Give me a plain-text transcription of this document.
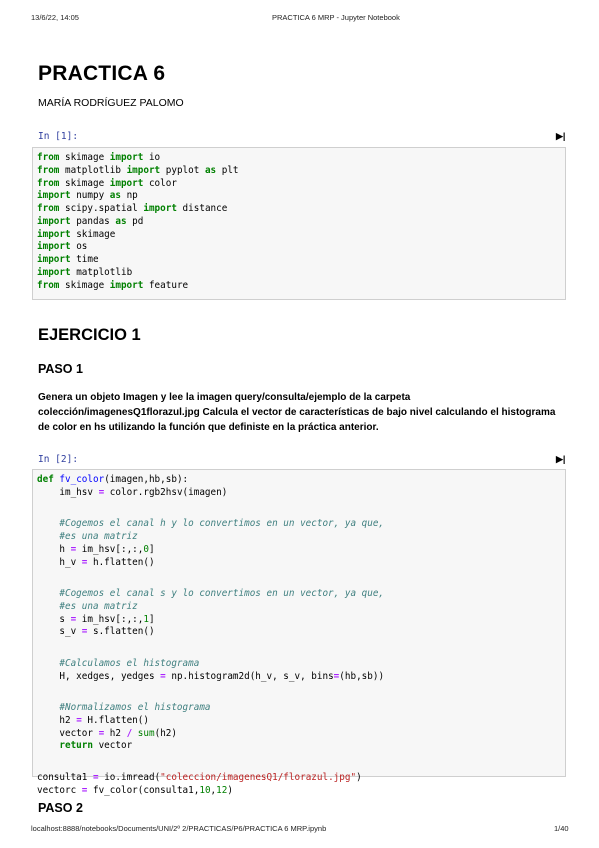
13/6/22, 14:05	PRACTICA 6 MRP - Jupyter Notebook
PRACTICA 6
MARÍA RODRÍGUEZ PALOMO
In [1]:	▶|
from skimage import io
from matplotlib import pyplot as plt
from skimage import color
import numpy as np
from scipy.spatial import distance
import pandas as pd
import skimage
import os
import time
import matplotlib
from skimage import feature
EJERCICIO 1
PASO 1
Genera un objeto Imagen y lee la imagen query/consulta/ejemplo de la carpeta colección/imagenesQ1florazul.jpg Calcula el vector de características de bajo nivel calculando el histograma de color en hs utilizando la función que definiste en la práctica anterior.
In [2]:	▶|
def fv_color(imagen,hb,sb):
im_hsv = color.rgb2hsv(imagen)

#Cogemos el canal h y lo convertimos en un vector, ya que,
#es una matriz
h = im_hsv[:,:,0]
h_v = h.flatten()

#Cogemos el canal s y lo convertimos en un vector, ya que,
#es una matriz
s = im_hsv[:,:,1]
s_v = s.flatten()

#Calculamos el histograma
H, xedges, yedges = np.histogram2d(h_v, s_v, bins=(hb,sb))

#Normalizamos el histograma
h2 = H.flatten()
vector = h2 / sum(h2)
return vector

consulta1 = io.imread("coleccion/imagenesQ1/florazul.jpg")
vectorc = fv_color(consulta1,10,12)
PASO 2
localhost:8888/notebooks/Documents/UNI/2º 2/PRACTICAS/P6/PRACTICA 6 MRP.ipynb	1/40
